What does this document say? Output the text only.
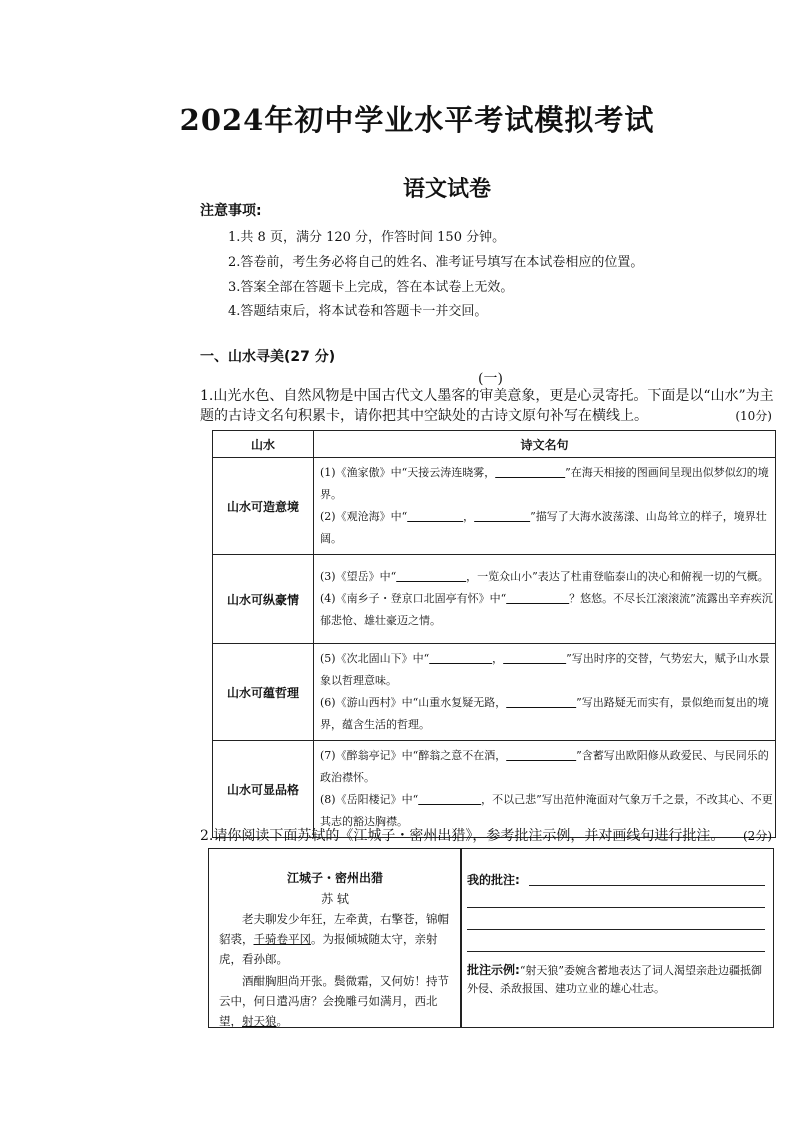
2024年初中学业水平考试模拟考试
语文试卷
注意事项:
1.共 8 页，满分 120 分，作答时间 150 分钟。
2.答卷前，考生务必将自己的姓名、准考证号填写在本试卷相应的位置。
3.答案全部在答题卡上完成，答在本试卷上无效。
4.答题结束后，将本试卷和答题卡一并交回。
一、山水寻美(27 分)
(一)
1.山光水色、自然风物是中国古代文人墨客的审美意象，更是心灵寄托。下面是以“山水”为主
题的古诗文名句积累卡，请你把其中空缺处的古诗文原句补写在横线上。	(10分)
山水	诗文名句
山水可造意境	(1)《渔家傲》中“天接云涛连晓雾， ”在海天相接的图画间呈现出似梦似幻的境界。
(2)《观沧海》中“ ， ”描写了大海水波荡漾、山岛耸立的样子，境界壮阔。

山水可纵豪情	(3)《望岳》中“ ，一览众山小”表达了杜甫登临泰山的决心和俯视一切的气概。
(4)《南乡子・登京口北固亭有怀》中“ ？悠悠。不尽长江滚滚流”流露出辛弃疾沉郁悲怆、雄壮豪迈之情。

山水可蕴哲理	(5)《次北固山下》中“ ， ”写出时序的交替，气势宏大，赋予山水景象以哲理意味。
(6)《游山西村》中“山重水复疑无路， ”写出路疑无而实有，景似绝而复出的境界，蕴含生活的哲理。

山水可显品格	(7)《醉翁亭记》中“醉翁之意不在酒， ”含蓄写出欧阳修从政爱民、与民同乐的政治襟怀。
(8)《岳阳楼记》中“ ，不以己悲”写出范仲淹面对气象万千之景，不改其心、不更其志的豁达胸襟。
2.请你阅读下面苏轼的《江城子・密州出猎》，参考批注示例，并对画线句进行批注。 (2分)
江城子・密州出猎
苏 轼

老夫聊发少年狂，左牵黄，右擎苍，锦帽貂裘，千骑卷平冈。为报倾城随太守，亲射虎，看孙郎。

酒酣胸胆尚开张。鬓微霜，又何妨！持节云中，何日遣冯唐？会挽雕弓如满月，西北望，射天狼。

我的批注:
批注示例:“射天狼”委婉含蓄地表达了词人渴望亲赴边疆抵御外侵、杀敌报国、建功立业的雄心壮志。
